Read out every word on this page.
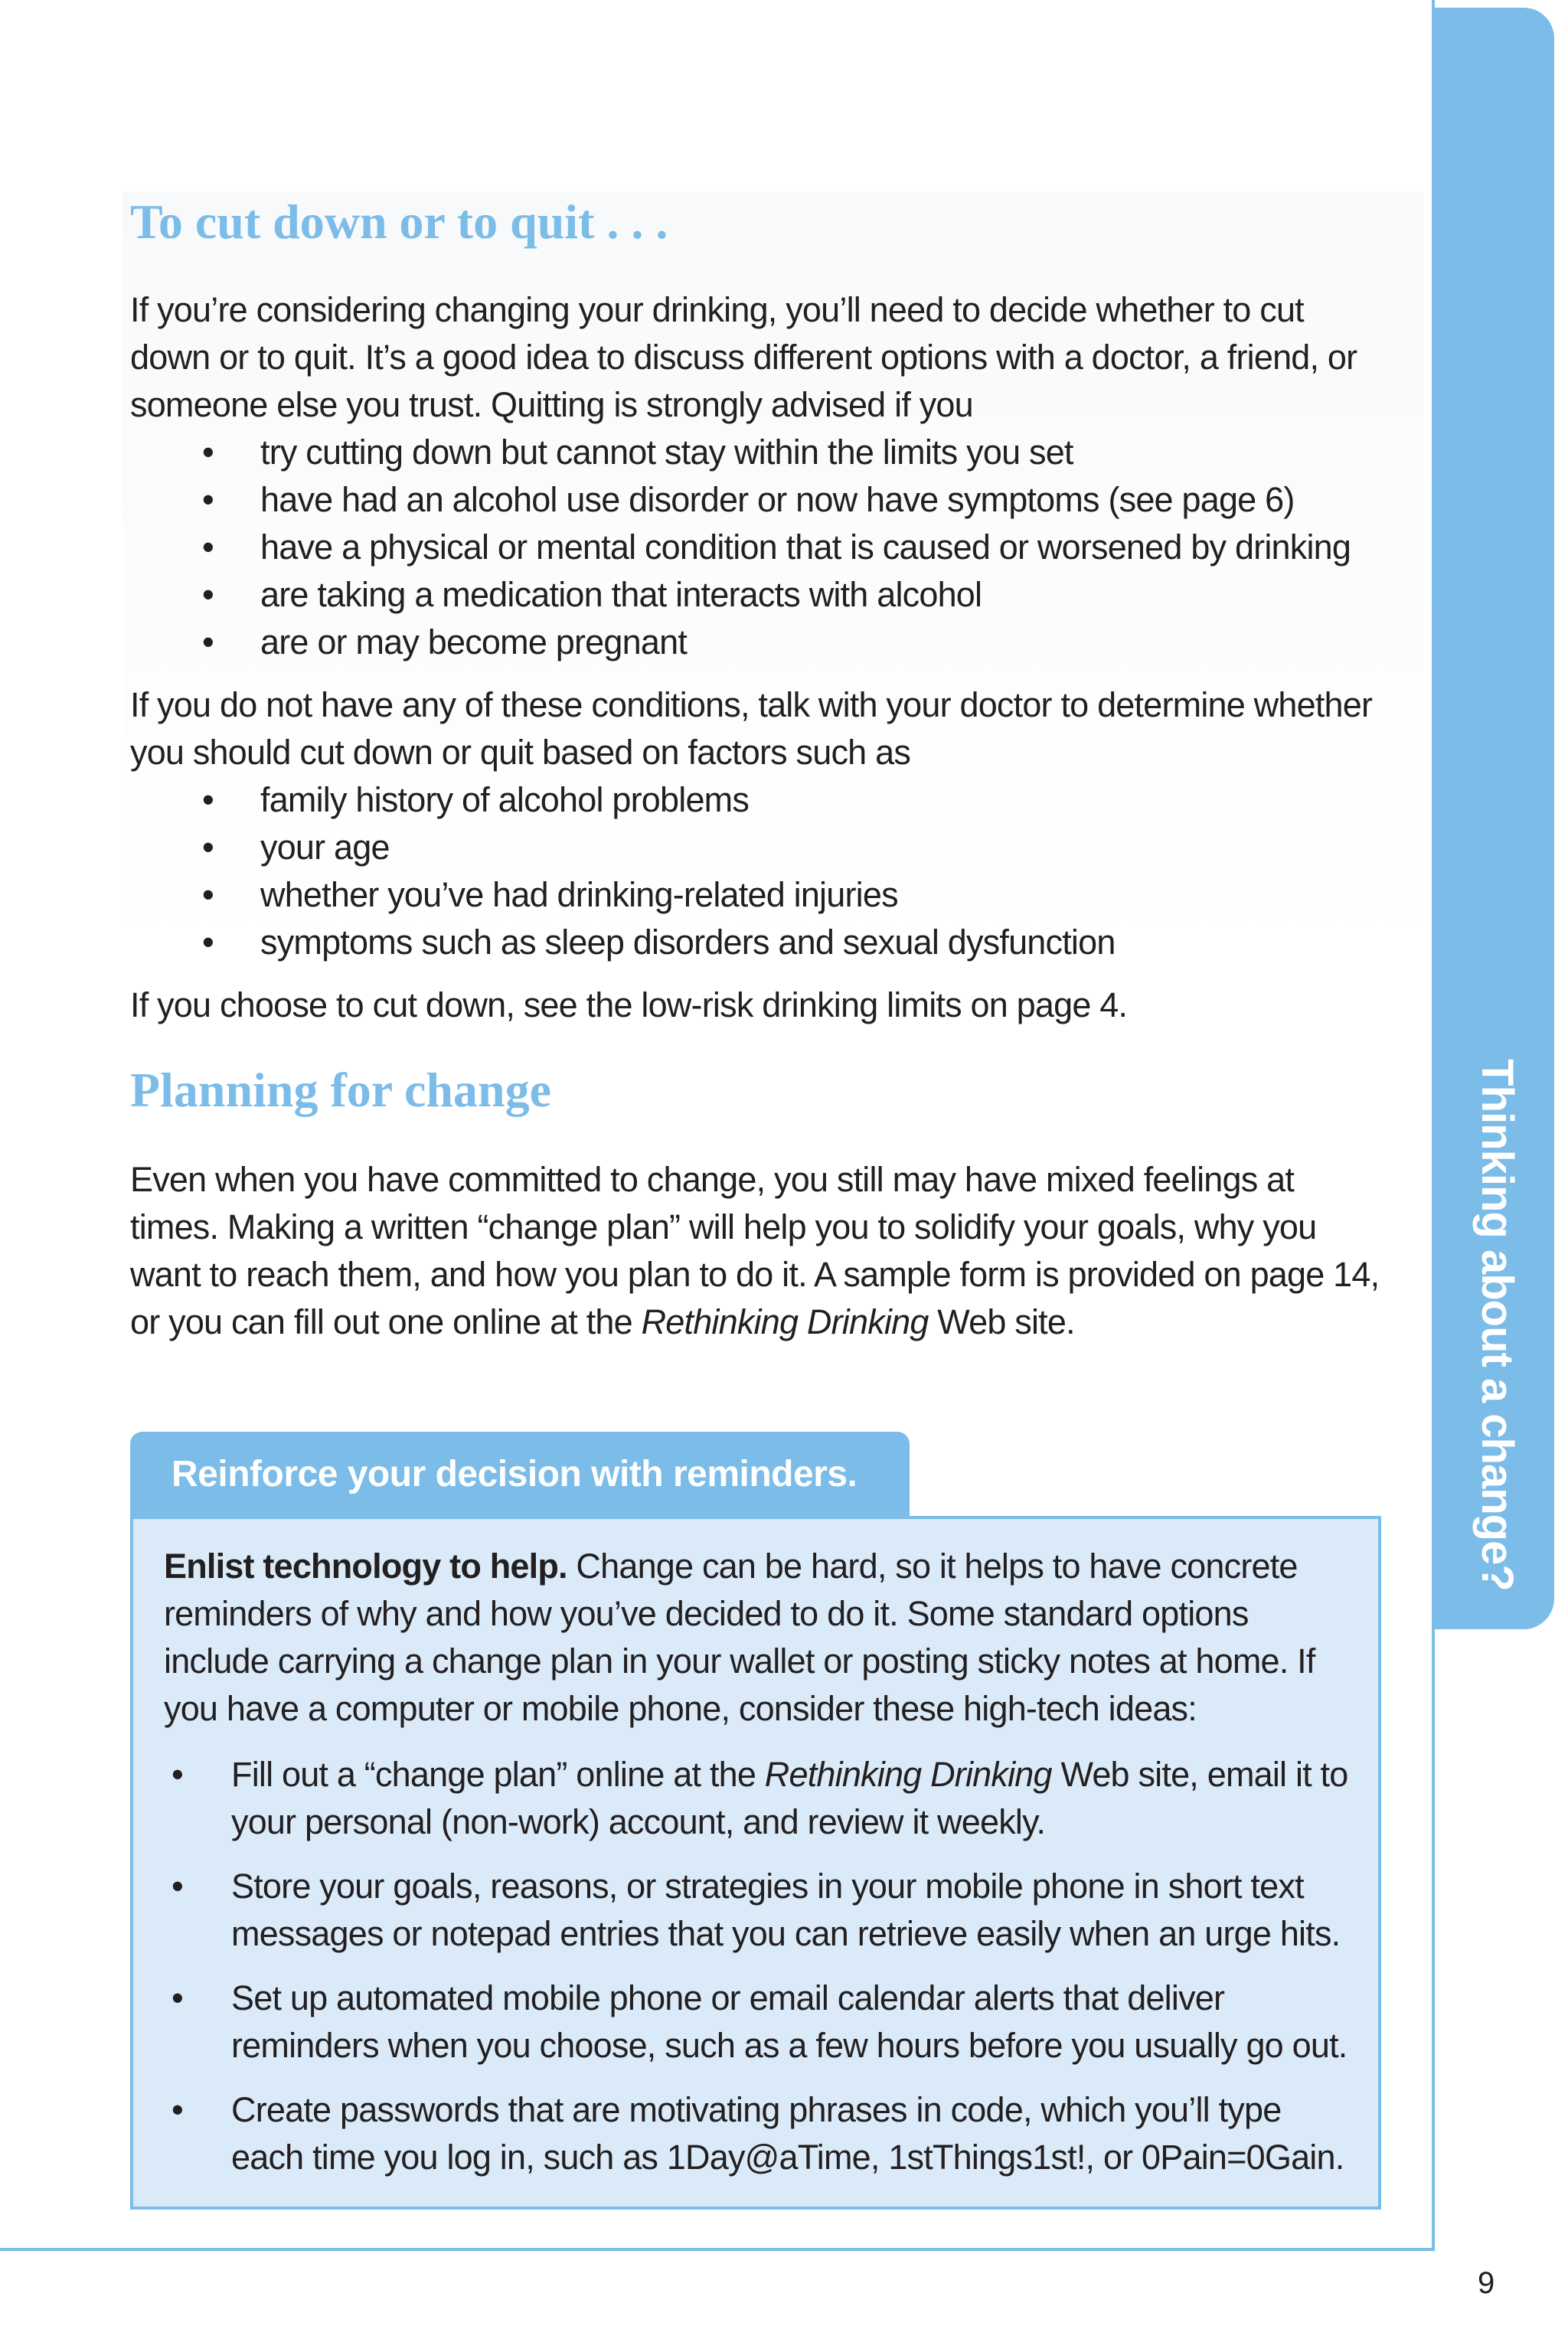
Thinking about a change?
To cut down or to quit . . .

If you’re considering changing your drinking, you’ll need to decide whether to cut down or to quit. It’s a good idea to discuss different options with a doctor, a friend, or someone else you trust. Quitting is strongly advised if you

• try cutting down but cannot stay within the limits you set
• have had an alcohol use disorder or now have symptoms (see page 6)
• have a physical or mental condition that is caused or worsened by drinking
• are taking a medication that interacts with alcohol
• are or may become pregnant

If you do not have any of these conditions, talk with your doctor to determine whether you should cut down or quit based on factors such as

• family history of alcohol problems
• your age
• whether you’ve had drinking-related injuries
• symptoms such as sleep disorders and sexual dysfunction

If you choose to cut down, see the low-risk drinking limits on page 4.

Planning for change

Even when you have committed to change, you still may have mixed feelings at times. Making a written “change plan” will help you to solidify your goals, why you want to reach them, and how you plan to do it. A sample form is provided on page 14, or you can fill out one online at the Rethinking Drinking Web site.

Reinforce your decision with reminders.

Enlist technology to help. Change can be hard, so it helps to have concrete reminders of why and how you’ve decided to do it. Some standard options include carrying a change plan in your wallet or posting sticky notes at home. If you have a computer or mobile phone, consider these high-tech ideas:

• Fill out a “change plan” online at the Rethinking Drinking Web site, email it to your personal (non-work) account, and review it weekly.
• Store your goals, reasons, or strategies in your mobile phone in short text messages or notepad entries that you can retrieve easily when an urge hits.
• Set up automated mobile phone or email calendar alerts that deliver reminders when you choose, such as a few hours before you usually go out.
• Create passwords that are motivating phrases in code, which you’ll type each time you log in, such as 1Day@aTime, 1stThings1st!, or 0Pain=0Gain.
9
